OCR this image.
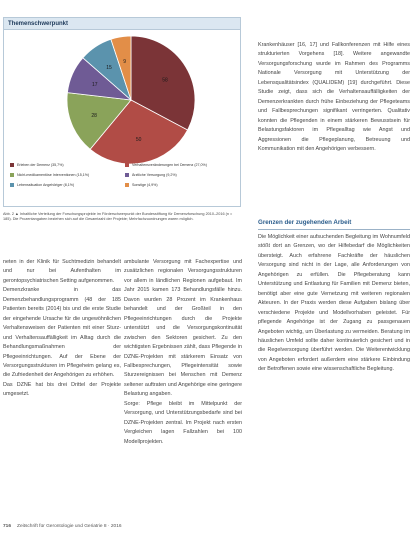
Themenschwerpunkt
58
50
28
17
15
9
Erleben der Demenz (35,7%)	Verhaltensveränderungen bei Demenz (27,0%)
Nicht-medikamentöse Interventionen (15,1%)	Ärztliche Versorgung (9,2%)
Lebenssituation Angehöriger (8,1%)	Sonstige (4,9%)
Abb. 2 ▲ Inhaltliche Verteilung der Forschungsprojekte im Förderschwerpunkt der Bundesstiftung für Demenzforschung 2010–2016 (n = 185). Die Prozentangaben beziehen sich auf die Gesamtzahl der Projekte; Mehrfachzuordnungen waren möglich.

neten in der Klinik für Suchtmedizin behandelt und nur bei Aufenthalten im gerontopsychiatrischen Setting aufgenommen.

Demenzkranke in das Demenzbehandlungsprogramm (48 der 185 Patienten bereits (2014) bis und die erste Studie der eingehende Ursache für die ungewöhnlichen Verhaltensweisen der Patienten mit einer Sturz- und Verhaltensauffälligkeit im Alltag durch die Behandlungsmaßnahmen der Pflegeeinrichtungen. Auf der Ebene der Versorgungsstrukturen im Pflegeheim gelang es, die Zufriedenheit der Angehörigen zu erhöhen.

Das DZNE hat bis drei Drittel der Projekte umgesetzt.

ambulante Versorgung mit Fachexpertise und zusätzlichen regionalen Versorgungsstrukturen vor allem in ländlichen Regionen aufgebaut. Im Jahr 2015 kamen 173 Behandlungsfälle hinzu. Davon wurden 28 Prozent im Krankenhaus behandelt und der Großteil in den Pflegeeinrichtungen durch die Projekte unterstützt und die Versorgungskontinuität zwischen den Sektoren gesichert. Zu den wichtigsten Ergebnissen zählt, dass Pflegende in DZNE-Projekten mit stärkerem Einsatz von Fallbesprechungen, Pflegeintensität sowie Sturzereignissen bei Menschen mit Demenz seltener auftraten und Angehörige eine geringere Belastung angaben.

Sorge: Pflege bleibt im Mittelpunkt der Versorgung, und Unterstützungsbedarfe sind bei DZNE-Projekten zentral. Im Projekt nach ersten Vergleichen lagen Fallzahlen bei 100 Modellprojekten.

Krankenhäuser [16, 17] und Fallkonferenzen mit Hilfe eines strukturierten Vorgehens [18]. Weitere angewandte Versorgungsforschung wurde im Rahmen des Programms Nationale Versorgung mit Unterstützung der Lebensqualitätsindex (QUALIDEM) [19] durchgeführt. Diese Studie zeigt, dass sich die Verhaltensauffälligkeiten der Demenzerkrankten durch frühe Einbeziehung der Pflegeteams und Fallbesprechungen signifikant verringerten. Qualitativ konnten die Pflegenden in einem stärkeren Bewusstsein für Belastungsfaktoren im Pflegealltag wie Angst und Aggressionen die Pflegeplanung, Betreuung und Kommunikation mit den Angehörigen verbessern.

Grenzen der zugehenden Arbeit

Die Möglichkeit einer aufsuchenden Begleitung im Wohnumfeld stößt dort an Grenzen, wo der Hilfebedarf die Möglichkeiten übersteigt. Auch erfahrene Fachkräfte der häuslichen Versorgung sind nicht in der Lage, alle Anforderungen von Angehörigen zu erfüllen. Die Pflegeberatung kann Unterstützung und Entlastung für Familien mit Demenz bieten, benötigt aber eine gute Vernetzung mit weiteren regionalen Akteuren. In der Praxis werden diese Aufgaben bislang über verschiedene Projekte und Modellvorhaben geleistet. Für pflegende Angehörige ist der Zugang zu passgenauen Angeboten wichtig, um Überlastung zu vermeiden. Beratung im häuslichen Umfeld sollte daher kontinuierlich gesichert und in die Regelversorgung überführt werden. Die Weiterentwicklung von Angeboten erfordert außerdem eine stärkere Einbindung der Betroffenen sowie eine wissenschaftliche Begleitung.

716 Zeitschrift für Gerontologie und Geriatrie 8 · 2016
